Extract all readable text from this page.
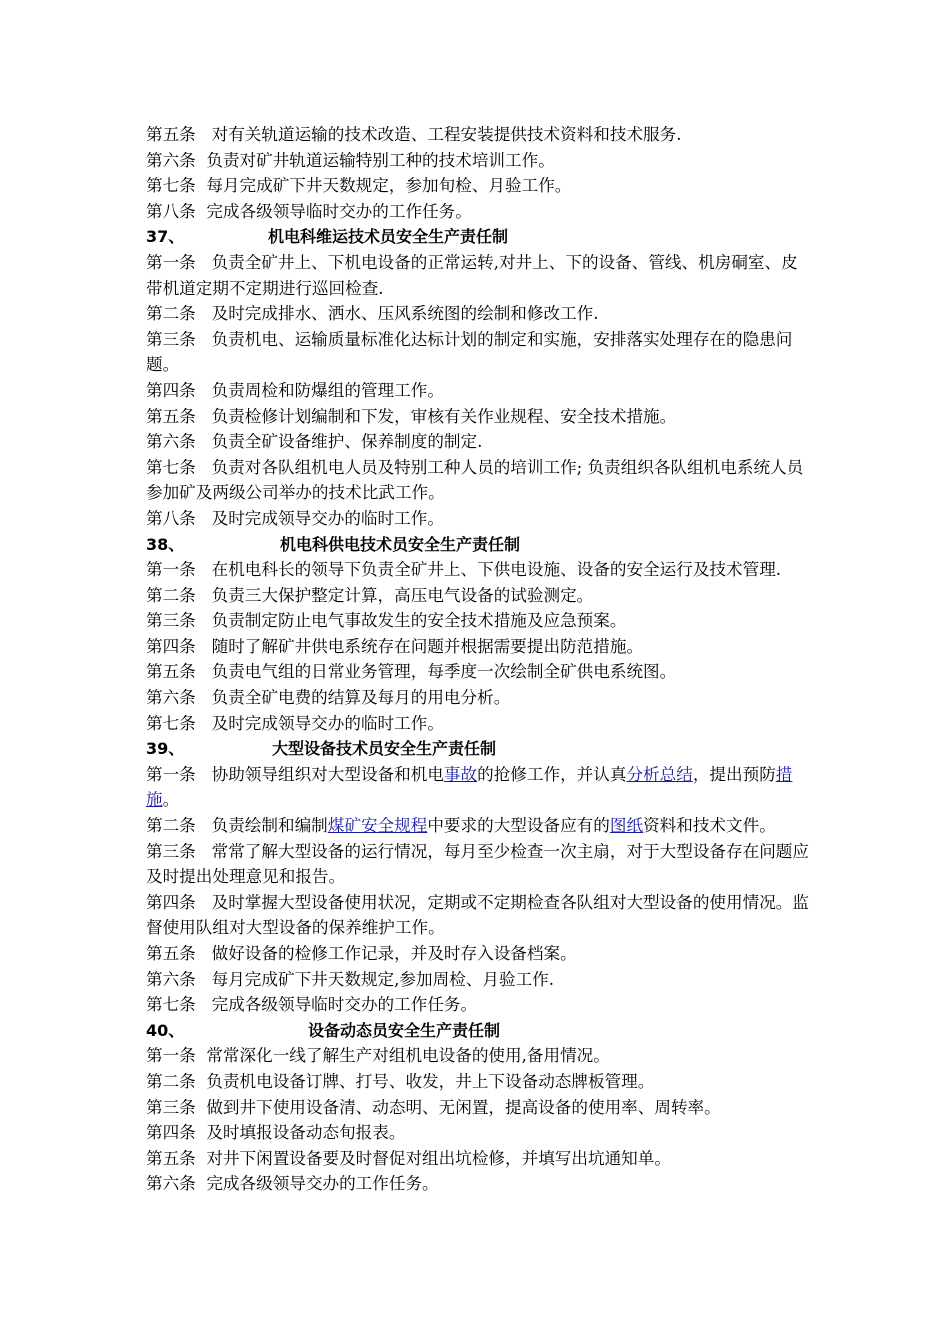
第五条   对有关轨道运输的技术改造、工程安装提供技术资料和技术服务.

第六条  负责对矿井轨道运输特别工种的技术培训工作。

第七条  每月完成矿下井天数规定，参加旬检、月验工作。

第八条  完成各级领导临时交办的工作任务。

37、	机电科维运技术员安全生产责任制

第一条   负责全矿井上、下机电设备的正常运转,对井上、下的设备、管线、机房硐室、皮带机道定期不定期进行巡回检查.

第二条   及时完成排水、洒水、压风系统图的绘制和修改工作.

第三条   负责机电、运输质量标准化达标计划的制定和实施，安排落实处理存在的隐患问题。

第四条   负责周检和防爆组的管理工作。

第五条   负责检修计划编制和下发，审核有关作业规程、安全技术措施。

第六条   负责全矿设备维护、保养制度的制定.

第七条   负责对各队组机电人员及特别工种人员的培训工作; 负责组织各队组机电系统人员参加矿及两级公司举办的技术比武工作。

第八条   及时完成领导交办的临时工作。

38、	机电科供电技术员安全生产责任制

第一条   在机电科长的领导下负责全矿井上、下供电设施、设备的安全运行及技术管理.

第二条   负责三大保护整定计算，高压电气设备的试验测定。

第三条   负责制定防止电气事故发生的安全技术措施及应急预案。

第四条   随时了解矿井供电系统存在问题并根据需要提出防范措施。

第五条   负责电气组的日常业务管理，每季度一次绘制全矿供电系统图。

第六条   负责全矿电费的结算及每月的用电分析。

第七条   及时完成领导交办的临时工作。

39、	大型设备技术员安全生产责任制

第一条   协助领导组织对大型设备和机电事故的抢修工作，并认真分析总结，提出预防措施。

第二条   负责绘制和编制煤矿安全规程中要求的大型设备应有的图纸资料和技术文件。

第三条   常常了解大型设备的运行情况，每月至少检查一次主扇，对于大型设备存在问题应及时提出处理意见和报告。

第四条   及时掌握大型设备使用状况，定期或不定期检查各队组对大型设备的使用情况。监督使用队组对大型设备的保养维护工作。

第五条   做好设备的检修工作记录，并及时存入设备档案。

第六条   每月完成矿下井天数规定,参加周检、月验工作.

第七条   完成各级领导临时交办的工作任务。

40、	设备动态员安全生产责任制

第一条  常常深化一线了解生产对组机电设备的使用,备用情况。

第二条  负责机电设备订牌、打号、收发，井上下设备动态牌板管理。

第三条  做到井下使用设备清、动态明、无闲置，提高设备的使用率、周转率。

第四条  及时填报设备动态旬报表。

第五条  对井下闲置设备要及时督促对组出坑检修，并填写出坑通知单。

第六条  完成各级领导交办的工作任务。
